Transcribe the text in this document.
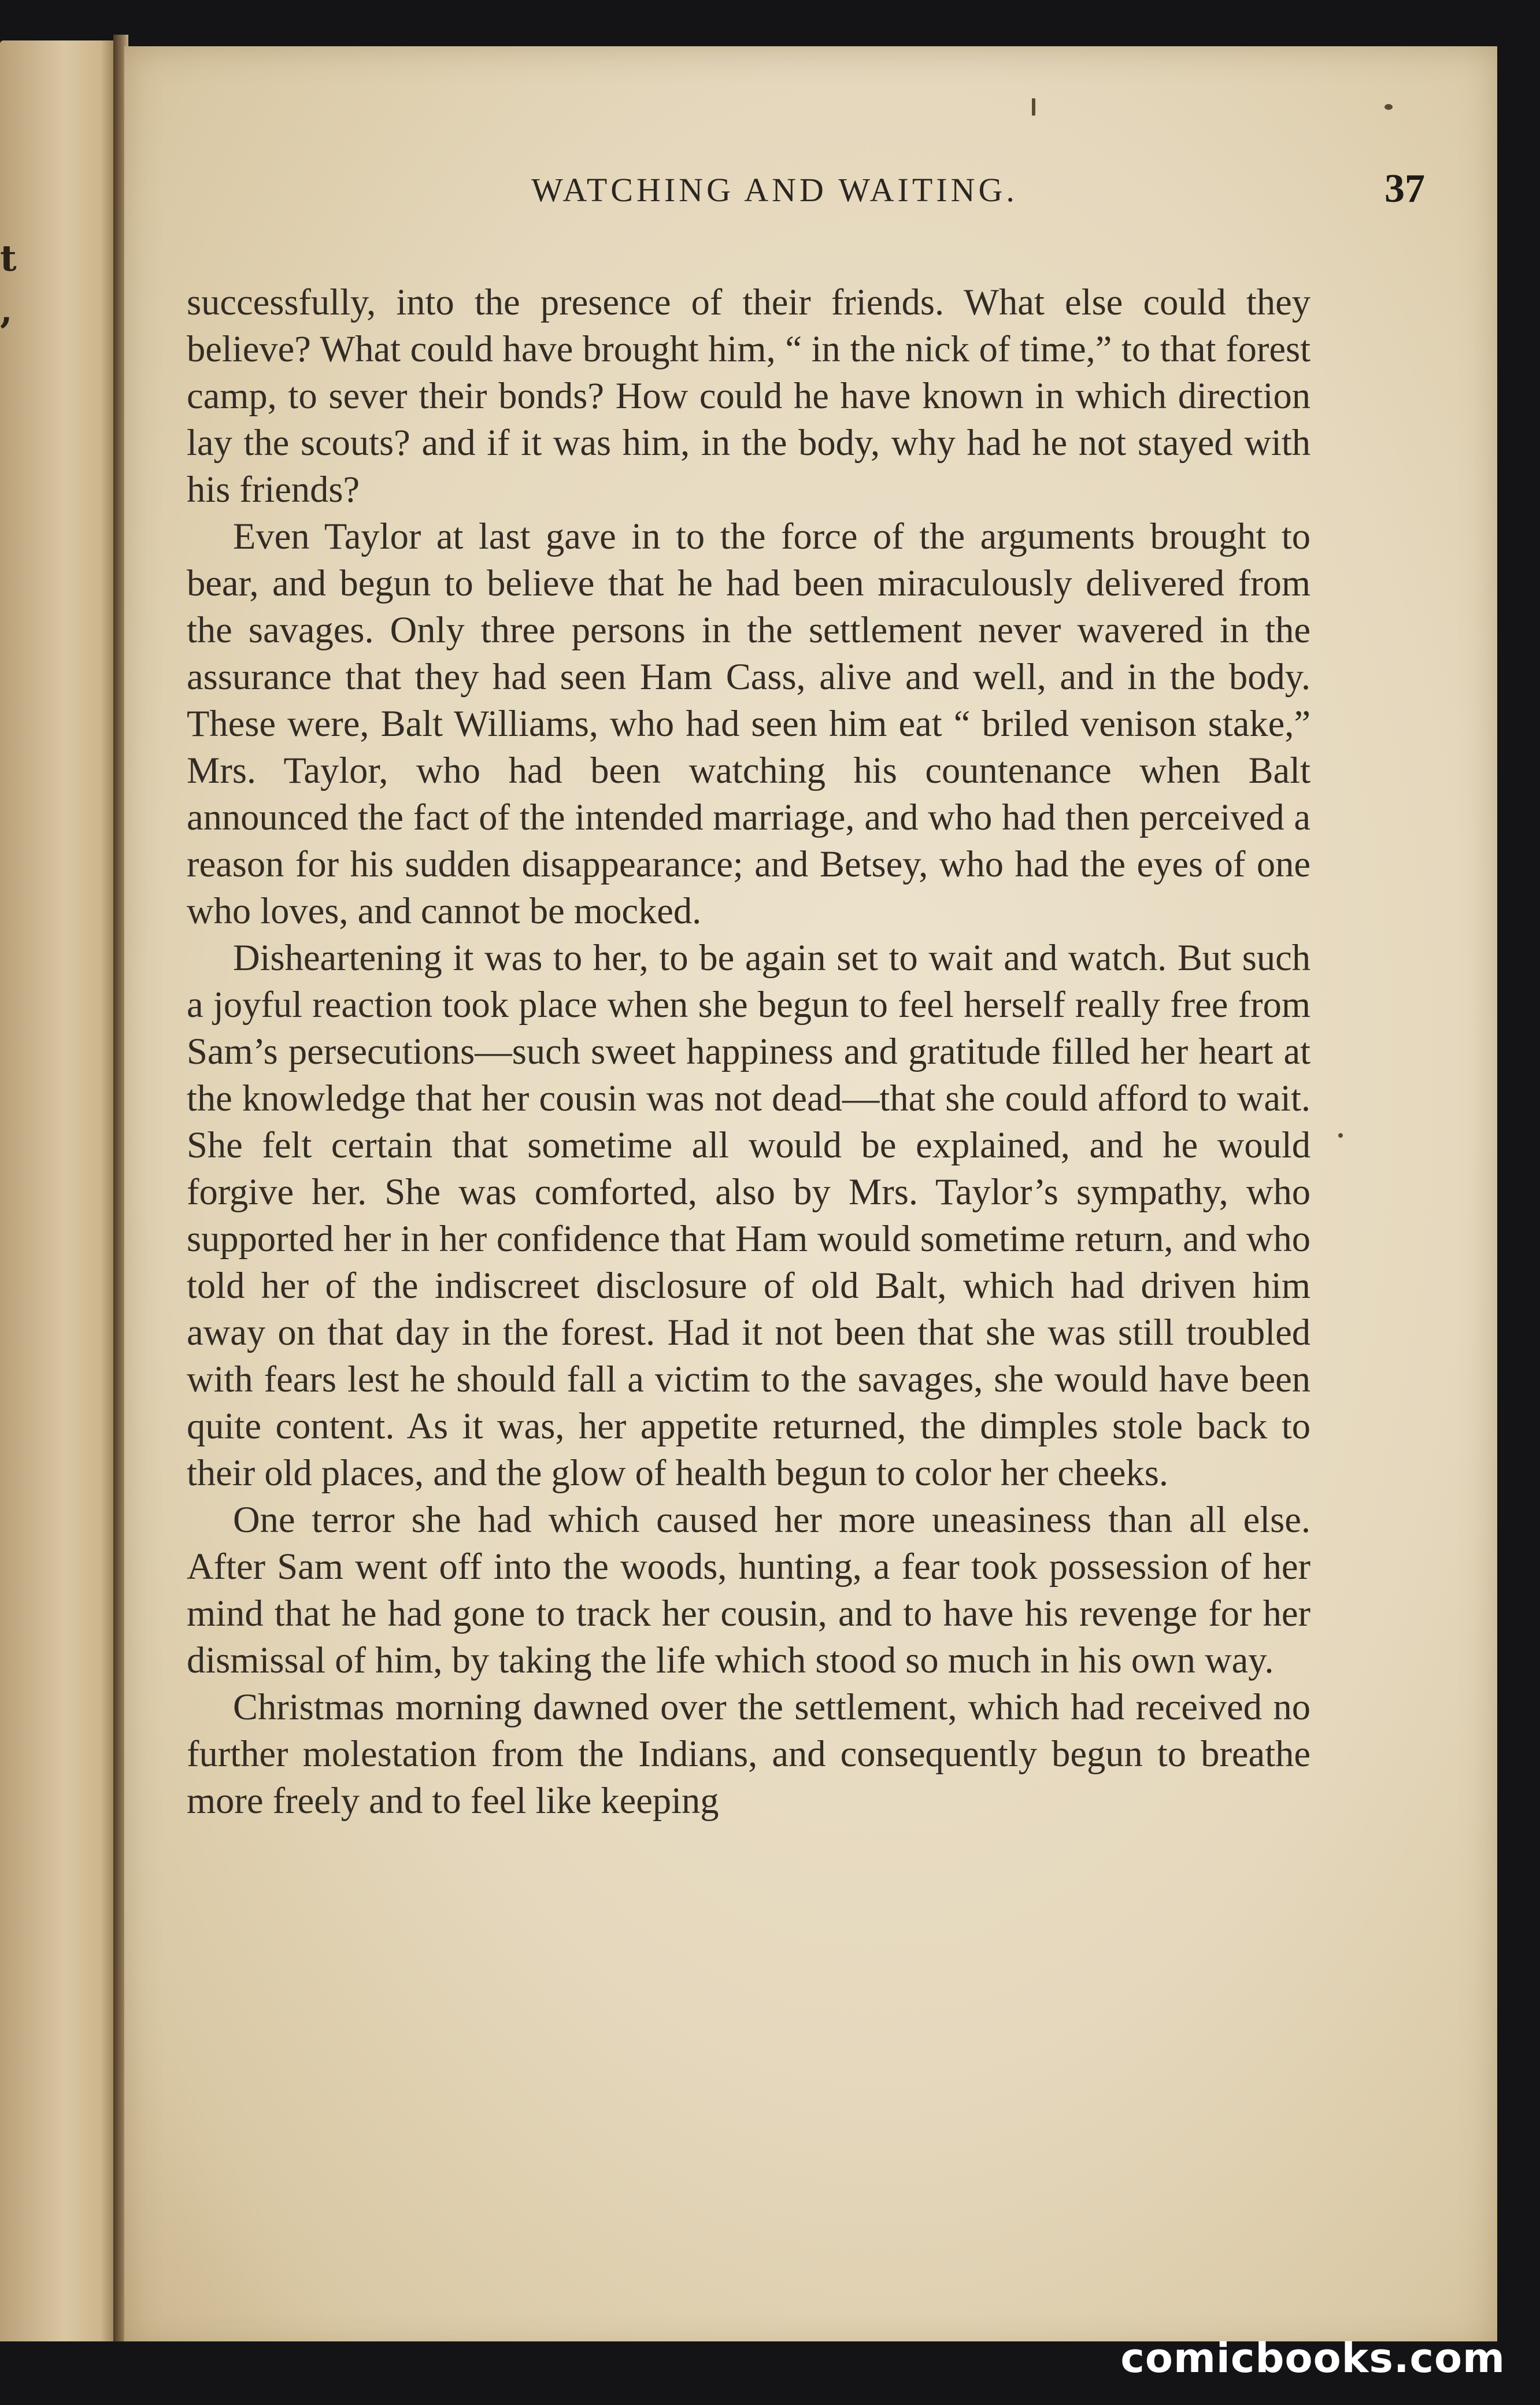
t
,
WATCHING AND WAITING.	37

successfully, into the presence of their friends. What else could they believe? What could have brought him, “ in the nick of time,” to that forest camp, to sever their bonds? How could he have known in which direction lay the scouts? and if it was him, in the body, why had he not stayed with his friends?

Even Taylor at last gave in to the force of the arguments brought to bear, and begun to believe that he had been miraculously delivered from the savages. Only three persons in the settlement never wavered in the assurance that they had seen Ham Cass, alive and well, and in the body. These were, Balt Williams, who had seen him eat “ briled venison stake,” Mrs. Taylor, who had been watching his countenance when Balt announced the fact of the intended marriage, and who had then perceived a reason for his sudden disappearance; and Betsey, who had the eyes of one who loves, and cannot be mocked.

Disheartening it was to her, to be again set to wait and watch. But such a joyful reaction took place when she begun to feel herself really free from Sam’s persecutions—such sweet happiness and gratitude filled her heart at the knowledge that her cousin was not dead—that she could afford to wait. She felt certain that sometime all would be explained, and he would forgive her. She was comforted, also by Mrs. Taylor’s sympathy, who supported her in her confidence that Ham would sometime return, and who told her of the indiscreet disclosure of old Balt, which had driven him away on that day in the forest. Had it not been that she was still troubled with fears lest he should fall a victim to the savages, she would have been quite content. As it was, her appetite returned, the dimples stole back to their old places, and the glow of health begun to color her cheeks.

One terror she had which caused her more uneasiness than all else. After Sam went off into the woods, hunting, a fear took possession of her mind that he had gone to track her cousin, and to have his revenge for her dismissal of him, by taking the life which stood so much in his own way.

Christmas morning dawned over the settlement, which had received no further molestation from the Indians, and consequently begun to breathe more freely and to feel like keeping

comicbooks.com
